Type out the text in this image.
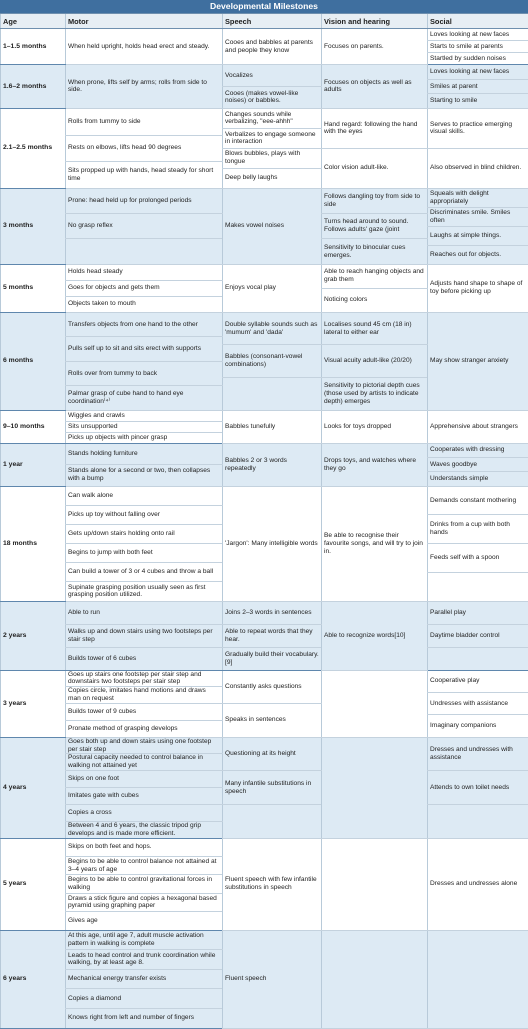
Developmental Milestones
Age	Motor	Speech	Vision and hearing	Social
1–1.5 months	When held upright, holds head erect and steady.	Cooes and babbles at parents and people they know	Focuses on parents.	Loves looking at new faces
				Starts to smile at parents
				Startled by sudden noises
1.6–2 months	When prone, lifts self by arms; rolls from side to side.	Vocalizes	Focuses on objects as well as adults	Loves looking at new faces

				Smiles at parent
		Cooes (makes vowel-like noises) or babbles.		
				Starting to smile

2.1–2.5 months	Rolls from tummy to side	Changes sounds while verbalizing, "eee-ahhh"	Hand regard: following the hand with the eyes	Serves to practice emerging visual skills.

		Verbalizes to engage someone in interaction		
	Rests on elbows, lifts head 90 degrees			

		Blows bubbles, plays with tongue	Color vision adult-like.	Also observed in blind children.

	Sits propped up with hands, head steady for short time			
		Deep belly laughs		

3 months	Prone: head held up for prolonged periods	Makes vowel noises	Follows dangling toy from side to side	Squeals with delight appropriately

				Discriminates smile. Smiles often
	No grasp reflex		Turns head around to sound. Follows adults' gaze (joint	

				Laughs at simple things.

			Sensitivity to binocular cues emerges.	
				Reaches out for objects.

5 months	Holds head steady	Enjoys vocal play	Able to reach hanging objects and grab them	Adjusts hand shape to shape of toy before picking up

	Goes for objects and gets them			
			Noticing colors	
	Objects taken to mouth			

6 months	Transfers objects from one hand to the other	Double syllable sounds such as 'mumum' and 'dada'	Localises sound 45 cm (18 in) lateral to either ear	May show stranger anxiety

	Pulls self up to sit and sits erect with supports			
		Babbles (consonant-vowel combinations)	Visual acuity adult-like (20/20)	

	Rolls over from tummy to back			

			Sensitivity to pictorial depth cues (those used by artists to indicate depth) emerges	
	Palmar grasp of cube hand to hand eye coordination⁽⁴⁾			

9–10 months	Wiggles and crawls	Babbles tunefully	Looks for toys dropped	Apprehensive about strangers
	Sits unsupported			
	Picks up objects with pincer grasp			
1 year	Stands holding furniture	Babbles 2 or 3 words repeatedly	Drops toys, and watches where they go	Cooperates with dressing

				Waves goodbye
	Stands alone for a second or two, then collapses with a bump			
				Understands simple

18 months	Can walk alone	'Jargon': Many intelligible words	Be able to recognise their favourite songs, and will try to join in.	Demands constant mothering

	Picks up toy without falling over			
				Drinks from a cup with both hands
	Gets up/down stairs holding onto rail			

	Begins to jump with both feet			Feeds self with a spoon

	Can build a tower of 3 or 4 cubes and throw a ball			

	Supinate grasping position usually seen as first grasping position utilized.			

2 years	Able to run	Joins 2–3 words in sentences	Able to recognize words[10]	Parallel play
	Walks up and down stairs using two footsteps per stair step	Able to repeat words that they hear.		Daytime bladder control
	Builds tower of 6 cubes	Gradually build their vocabulary.[9]		
3 years	Goes up stairs one footstep per stair step and downstairs two footsteps per stair step	Constantly asks questions		Cooperative play

	Copies circle, imitates hand motions and draws man on request			
				Undresses with assistance

	Builds tower of 9 cubes	Speaks in sentences		

				Imaginary companions
	Pronate method of grasping develops			

4 years	Goes both up and down stairs using one footstep per stair step	Questioning at its height		Dresses and undresses with assistance
	Postural capacity needed to control balance in walking not attained yet			
	Skips on one foot	Many infantile substitutions in speech		Attends to own toilet needs
	Imitates gate with cubes			
	Copies a cross			
	Between 4 and 6 years, the classic tripod grip develops and is made more efficient.			
5 years	Skips on both feet and hops.	Fluent speech with few infantile substitutions in speech		Dresses and undresses alone
	Begins to be able to control balance not attained at 3–4 years of age			
	Begins to be able to control gravitational forces in walking			
	Draws a stick figure and copies a hexagonal based pyramid using graphing paper			
	Gives age			
6 years	At this age, until age 7, adult muscle activation pattern in walking is complete	Fluent speech		
	Leads to head control and trunk coordination while walking, by at least age 8.			
	Mechanical energy transfer exists			
	Copies a diamond			
	Knows right from left and number of fingers			
